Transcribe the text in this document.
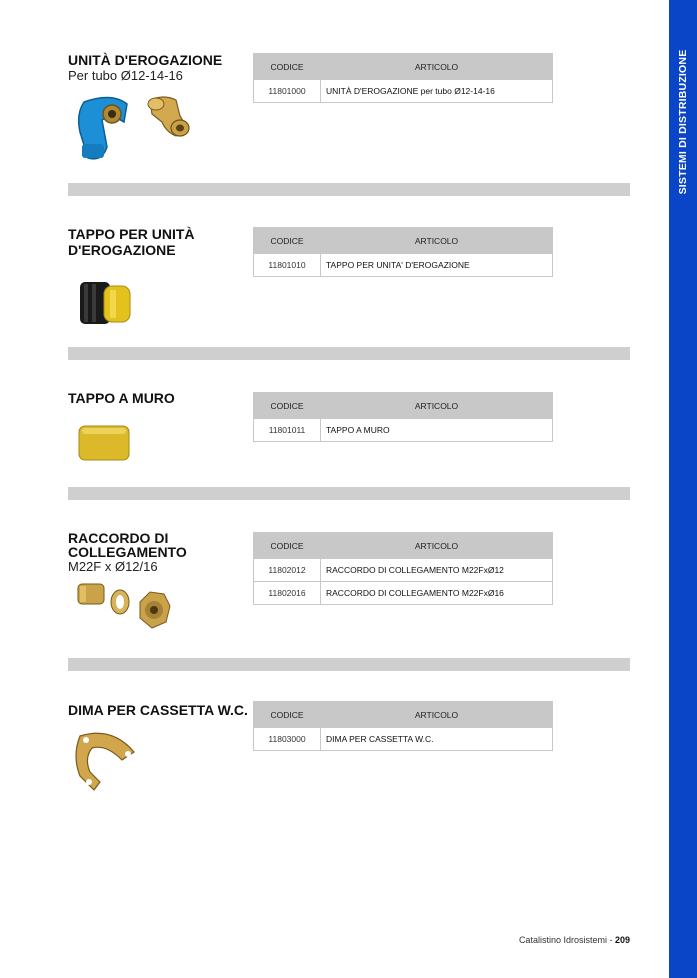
SISTEMI DI DISTRIBUZIONE
UNITÀ D'EROGAZIONE
Per tubo Ø12-14-16
CODICE	ARTICOLO
11801000	UNITÀ D'EROGAZIONE per tubo Ø12-14-16
TAPPO PER UNITÀ
D'EROGAZIONE
CODICE	ARTICOLO
11801010	TAPPO PER UNITA' D'EROGAZIONE
TAPPO A MURO	CODICE	ARTICOLO
11801011	TAPPO A MURO
RACCORDO DI
COLLEGAMENTO
M22F x Ø12/16
CODICE	ARTICOLO
11802012	RACCORDO DI COLLEGAMENTO M22FxØ12
11802016	RACCORDO DI COLLEGAMENTO M22FxØ16
DIMA PER CASSETTA W.C.	CODICE	ARTICOLO
11803000	DIMA PER CASSETTA W.C.
Catalistino Idrosistemi - 209
